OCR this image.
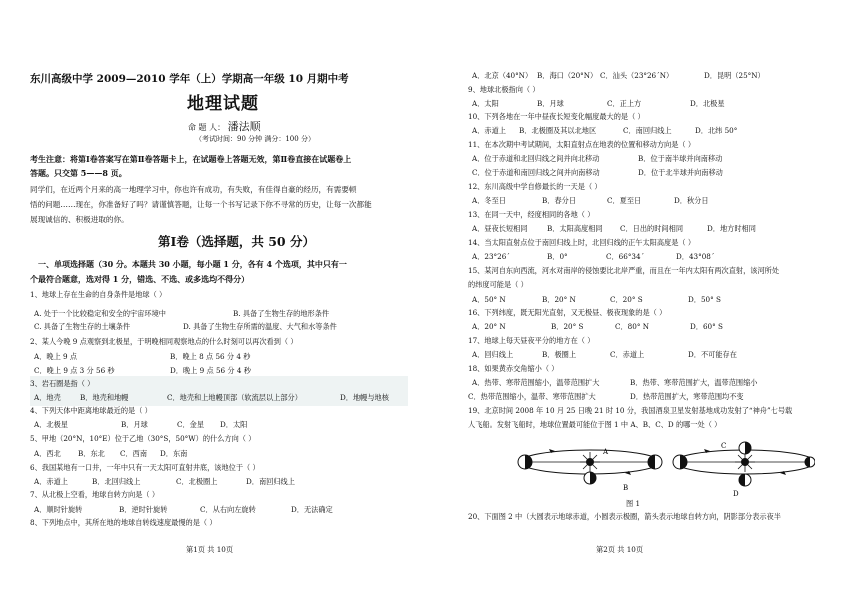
东川高级中学 2009—2010 学年（上）学期高一年级 10 月期中考
地理试题
命 题 人： 潘法顺
（考试时间：90 分钟 满分：100 分）
考生注意：将第Ⅰ卷答案写在第Ⅱ卷答题卡上，在试题卷上答题无效，第Ⅱ卷直接在试题卷上
答题。只交第 5——8 页。
同学们，在近两个月来的高一地理学习中，你也许有成功，有失败，有佳得自豪的经历，有需要顿
悟的问题……现在，你准备好了吗？请谨慎答题，让每一个书写记录下你不寻常的历史，让每一次都能
展现诚信的、积极进取的你。
第Ⅰ卷（选择题，共 50 分）
一、单项选择题（30 分。本题共 30 小题，每小题 1 分，各有 4 个选项，其中只有一
个最符合题意，选对得 1 分，错选、不选、或多选均不得分）
1、地球上存在生命的自身条件是地球（ ）
A. 处于一个比较稳定和安全的宇宙环境中	B. 具备了生物生存的地形条件
C. 具备了生物生存的土壤条件	D. 具备了生物生存所需的温度、大气和水等条件
2、某人今晚 9 点观察到北极星，于明晚相同观察地点的什么时刻可以再次看到（ ）
A．晚上 9 点	B．晚上 8 点 56 分 4 秒
C．晚上 9 点 3 分 56 秒	D．晚上 9 点 56 分 4 秒
3、岩石圈是指（ ）
A．地壳	B．地壳和地幔	C．地壳和上地幔顶部（软流层以上部分）	D．地幔与地核
4、下列天体中距离地球最近的是（ ）
A．北极星	B．月球	C．金星 D．太阳
5、甲地（20°N，10°E）位于乙地（30°S，50°W）的什么方向（ ）
A．西北 B．东北 C．西南 D．东南
6、我国某地有一口井，一年中只有一天太阳可直射井底，该地位于（ ）
A．赤道上	B．北回归线上	C．北极圈上	D．南回归线上
7、从北极上空看，地球自转方向是（ ）
A．顺时针旋转	B．逆时针旋转	C．从右向左旋转	D．无法确定
8、下列地点中，其所在地的地球自转线速度最慢的是（ ）
第1页 共 10页
A．北京（40°N） B．海口（20°N） C．汕头（23°26´N）	D．昆明（25°N）
9、地球北极指向（ ）
A．太阳	B．月球	C．正上方	D．北极星
10、下列各地在一年中昼夜长短变化幅度最大的是（ ）
A．赤道上 B．北极圈及其以北地区	C．南回归线上	D．北纬 50°
11、在本次期中考试期间，太阳直射点在地表的位置和移动方向是（ ）
A．位于赤道和北回归线之间并向北移动	B．位于南半球并向南移动
C．位于赤道和南回归线之间并向南移动	D．位于北半球并向南移动
12、东川高级中学自修最长的一天是（ ）
A．冬至日	B．春分日	C．夏至日	D．秋分日
13、在同一天中，经度相同的各地（ ）
A．昼夜长短相同	B．太阳高度相同 C．日出的时间相同	D．地方时相同
14、当太阳直射点位于南回归线上时，北回归线的正午太阳高度是（ ）
A．23°26´	B．0°	C．66°34´	D．43°08´
15、某河自东向西流，河水对南岸的侵蚀要比北岸严重，而且在一年内太阳有两次直射，该河所处
的纬度可能是（ ）
A．50° N	B．20° N	C．20° S	D．50° S
16、下列纬度，既无阳光直射，又无极昼、极夜现象的是（ ）
A．20° N	B．20° S	C．80° N	D．60° S
17、地球上每天昼夜平分的地方在（ ）
A．回归线上	B．极圈上	C．赤道上	D．不可能存在
18、如果黄赤交角缩小（ ）
A．热带、寒带范围缩小，温带范围扩大	B．热带、寒带范围扩大，温带范围缩小
C．热带范围缩小，温带、寒带范围扩大	D．热带范围扩大，寒带范围均不变
19、北京时间 2008 年 10 月 25 日晚 21 时 10 分，我国酒泉卫星发射基地成功发射了“神舟”七号载
人飞船。发射飞船时，地球位置最可能位于图 1 中 A、B、C、D 的哪一处（ ）
B
A
C
D
图 1
20、下面图 2 中（大圆表示地球赤道，小圆表示极圈，箭头表示地球自转方向，阴影部分表示夜半
第2页 共 10页
